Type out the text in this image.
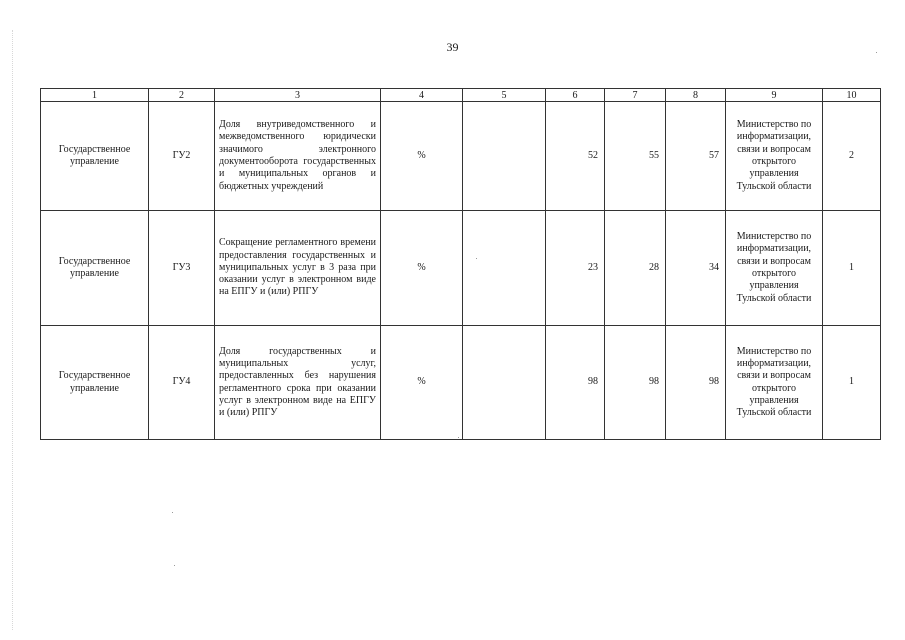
39
1	2	3	4	5	6	7	8	9	10
Государственное управление	ГУ2	Доля внутриведомственного и межведомственного юридически значимого электронного документооборота государственных и муниципальных органов и бюджетных учреждений	%		52	55	57	Министерство по информатизации, связи и вопросам открытого управления Тульской области	2
Государственное управление	ГУ3	Сокращение регламентного времени предоставления государственных и муниципальных услуг в 3 раза при оказании услуг в электронном виде на ЕПГУ и (или) РПГУ	%		23	28	34	Министерство по информатизации, связи и вопросам открытого управления Тульской области	1
Государственное управление	ГУ4	Доля государственных и муниципальных услуг, предоставленных без нарушения регламентного срока при оказании услуг в электронном виде на ЕПГУ и (или) РПГУ	%		98	98	98	Министерство по информатизации, связи и вопросам открытого управления Тульской области	1
